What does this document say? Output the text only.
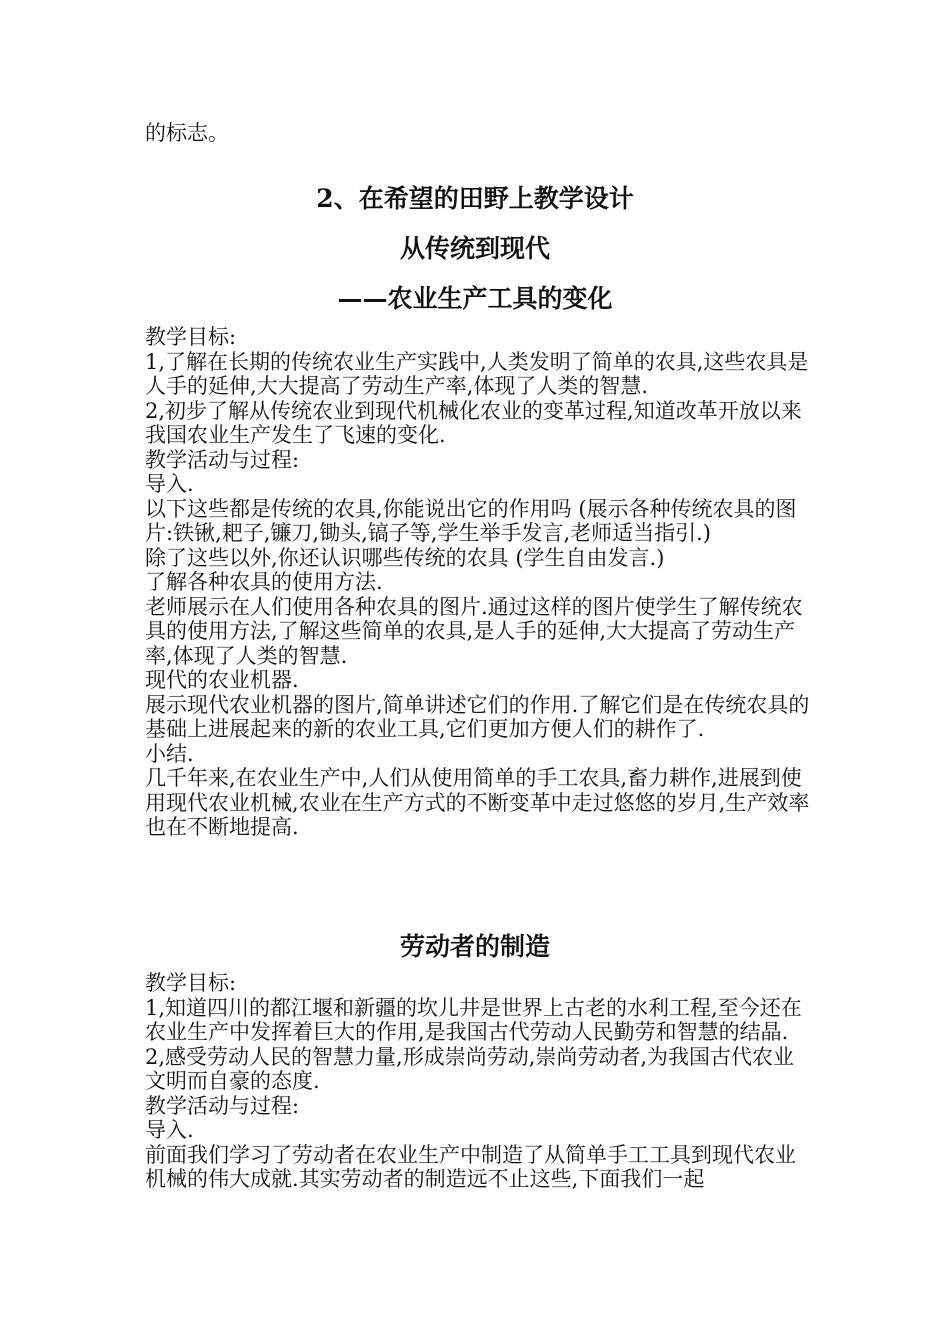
的标志。

2、在希望的田野上教学设计
从传统到现代
——农业生产工具的变化

教学目标:

1,了解在长期的传统农业生产实践中,人类发明了简单的农具,这些农具是人手的延伸,大大提高了劳动生产率,体现了人类的智慧.

2,初步了解从传统农业到现代机械化农业的变革过程,知道改革开放以来我国农业生产发生了飞速的变化.

教学活动与过程:

导入.

以下这些都是传统的农具,你能说出它的作用吗 (展示各种传统农具的图片:铁锹,耙子,镰刀,锄头,镐子等,学生举手发言,老师适当指引.)

除了这些以外,你还认识哪些传统的农具 (学生自由发言.)

了解各种农具的使用方法.

老师展示在人们使用各种农具的图片.通过这样的图片使学生了解传统农具的使用方法,了解这些简单的农具,是人手的延伸,大大提高了劳动生产率,体现了人类的智慧.

现代的农业机器.

展示现代农业机器的图片,简单讲述它们的作用.了解它们是在传统农具的基础上进展起来的新的农业工具,它们更加方便人们的耕作了.

小结.

几千年来,在农业生产中,人们从使用简单的手工农具,畜力耕作,进展到使用现代农业机械,农业在生产方式的不断变革中走过悠悠的岁月,生产效率也在不断地提高.

劳动者的制造

教学目标:

1,知道四川的都江堰和新疆的坎儿井是世界上古老的水利工程,至今还在农业生产中发挥着巨大的作用,是我国古代劳动人民勤劳和智慧的结晶.

2,感受劳动人民的智慧力量,形成崇尚劳动,崇尚劳动者,为我国古代农业文明而自豪的态度.

教学活动与过程:

导入.

前面我们学习了劳动者在农业生产中制造了从简单手工工具到现代农业机械的伟大成就.其实劳动者的制造远不止这些,下面我们一起
